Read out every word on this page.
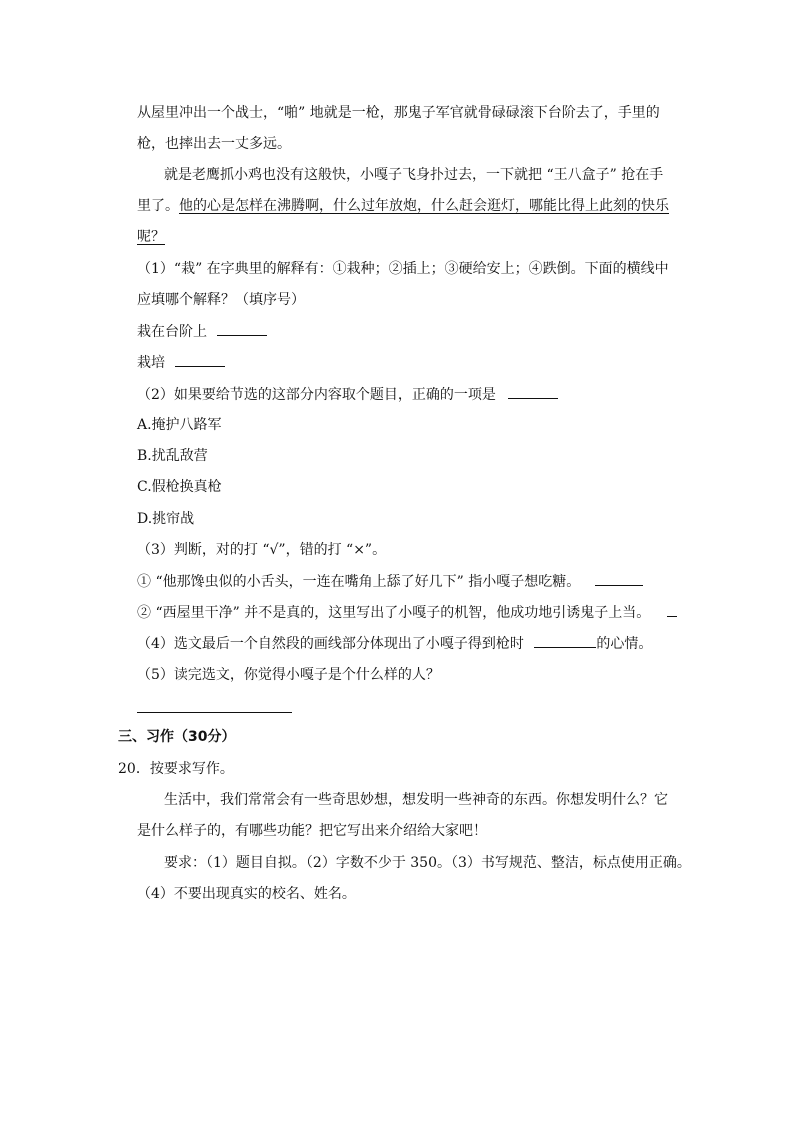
从屋里冲出一个战士，“啪” 地就是一枪，那鬼子军官就骨碌碌滚下台阶去了，手里的
枪，也摔出去一丈多远。
就是老鹰抓小鸡也没有这般快，小嘎子飞身扑过去，一下就把 “王八盒子” 抢在手
里了。他的心是怎样在沸腾啊，什么过年放炮，什么赶会逛灯，哪能比得上此刻的快乐
呢？
（1）“栽” 在字典里的解释有：①栽种；②插上；③硬给安上；④跌倒。下面的横线中
应填哪个解释？（填序号）
栽在台阶上
栽培
（2）如果要给节选的这部分内容取个题目，正确的一项是
A.掩护八路军
B.扰乱敌营
C.假枪换真枪
D.挑帘战
（3）判断，对的打 “√”，错的打 “×”。
① “他那馋虫似的小舌头，一连在嘴角上舔了好几下” 指小嘎子想吃糖。
② “西屋里干净” 并不是真的，这里写出了小嘎子的机智，他成功地引诱鬼子上当。
（4）选文最后一个自然段的画线部分体现出了小嘎子得到枪时	的心情。
（5）读完选文，你觉得小嘎子是个什么样的人？
三、习作（30分）
20．按要求写作。
生活中，我们常常会有一些奇思妙想，想发明一些神奇的东西。你想发明什么？它
是什么样子的，有哪些功能？把它写出来介绍给大家吧！
要求：（1）题目自拟。（2）字数不少于 350。（3）书写规范、整洁，标点使用正确。
（4）不要出现真实的校名、姓名。
